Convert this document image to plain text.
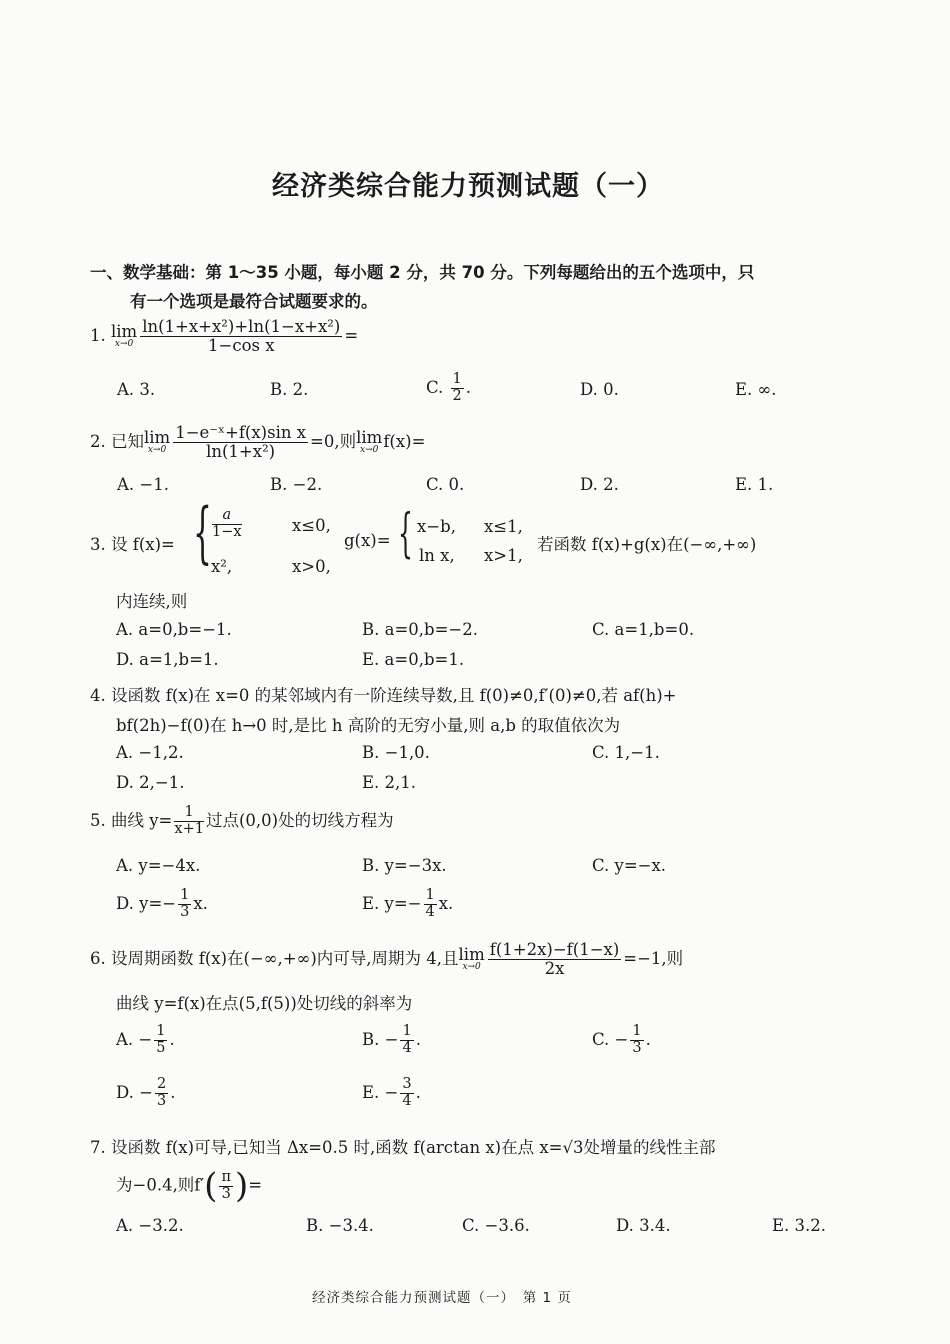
经济类综合能力预测试题（一）
一、数学基础：第 1～35 小题，每小题 2 分，共 70 分。下列每题给出的五个选项中，只
有一个选项是最符合试题要求的。
1. lim
$x\to 0 \frac{\text{ln(1+x+x²)+ln(1−x+x²)}}{\text{1−cos x}}$ =
A. 3.	B. 2.	C. $\frac{1}{2}$ .	D. 0.	E. ∞.
2. 已知 lim
$x\to 0 \frac{\text{1−e⁻ˣ+f(x)sin x}}{\text{ln(1+x²)}} =0$,则 lim
x→0 f(x)=
A. −1.	B. −2.	C. 0.	D. 2.	E. 1.
3. 设 f(x)= { $\frac{a}{1-x}$	x≤0,
x²,	x>0,
g(x)= { x−b, x≤1,
ln x, x>1,
若函数 f(x)+g(x)在(−∞,+∞)
内连续,则
A. a=0,b=−1.	B. a=0,b=−2.	C. a=1,b=0.
D. a=1,b=1.	E. a=0,b=1.
4. 设函数 f(x)在 x=0 的某邻域内有一阶连续导数,且 f(0)≠0,f′(0)≠0,若 af(h)+
bf(2h)−f(0)在 h→0 时,是比 h 高阶的无穷小量,则 a,b 的取值依次为
A. −1,2.	B. −1,0.	C. 1,−1.
D. 2,−1.	E. 2,1.
5. 曲线 $y= \frac{1}{x+1}$ 过点(0,0)处的切线方程为
A. y=−4x.	B. y=−3x.	C. y=−x.
D. $y=- \frac{1}{3} x$.	E. $y=- \frac{1}{4} x$.
6. 设周期函数 f(x)在(−∞,+∞)内可导,周期为 4,且 lim
$x\to 0 \frac{f(1+2x)-f(1-x)}{2x} =-1$,则
曲线 y=f(x)在点(5,f(5))处切线的斜率为
A. − $\frac{1}{5}$ .	B. − $\frac{1}{4}$ .	C. − $\frac{1}{3}$ .
D. − $\frac{2}{3}$ .	E. − $\frac{3}{4}$ .
7. 设函数 f(x)可导,已知当 Δx=0.5 时,函数 f(arctan x)在点 x=√3处增量的线性主部
为−0.4,则$f'( \frac{\pi}{3}$ )=
A. −3.2.	B. −3.4.	C. −3.6.	D. 3.4.	E. 3.2.
经济类综合能力预测试题（一）　第 1 页
